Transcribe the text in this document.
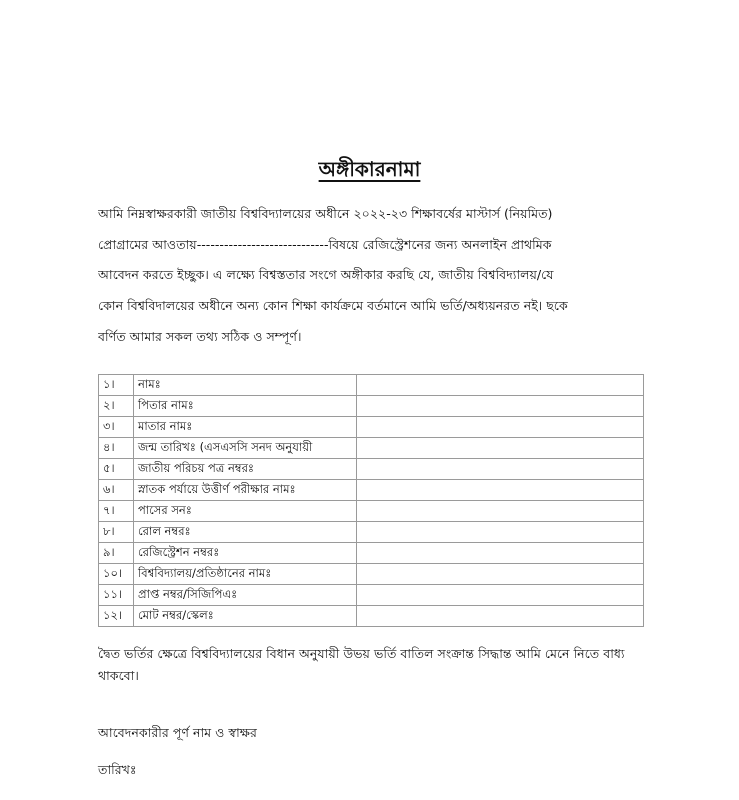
অঙ্গীকারনামা

আমি নিম্নস্বাক্ষরকারী জাতীয় বিশ্ববিদ্যালয়ের অধীনে ২০২২-২৩ শিক্ষাবর্ষের মাস্টার্স (নিয়মিত)

প্রোগ্রামের আওতায়-----------------------------বিষয়ে রেজিস্ট্রেশনের জন্য অনলাইন প্রাথমিক

আবেদন করতে ইচ্ছুক। এ লক্ষ্যে বিশ্বস্ততার সংগে অঙ্গীকার করছি যে, জাতীয় বিশ্ববিদ্যালয়/যে

কোন বিশ্ববিদালয়ের অধীনে অন্য কোন শিক্ষা কার্যক্রমে বর্তমানে আমি ভর্তি/অধ্যয়নরত নই। ছকে

বর্ণিত আমার সকল তথ্য সঠিক ও সম্পূর্ণ।

১।	নামঃ	
২।	পিতার নামঃ	
৩।	মাতার নামঃ	
৪।	জন্ম তারিখঃ (এসএসসি সনদ অনুযায়ী	
৫।	জাতীয় পরিচয় পত্র নম্বরঃ	
৬।	স্নাতক পর্যায়ে উত্তীর্ণ পরীক্ষার নামঃ	
৭।	পাসের সনঃ	
৮।	রোল নম্বরঃ	
৯।	রেজিস্ট্রেশন নম্বরঃ	
১০।	বিশ্ববিদ্যালয়/প্রতিষ্ঠানের নামঃ	
১১।	প্রাপ্ত নম্বর/সিজিপিএঃ	
১২।	মোট নম্বর/স্কেলঃ	

দ্বৈত ভর্তির ক্ষেত্রে বিশ্ববিদ্যালয়ের বিধান অনুযায়ী উভয় ভর্তি বাতিল সংক্রান্ত সিদ্ধান্ত আমি মেনে নিতে বাধ্য

থাকবো।

আবেদনকারীর পূর্ণ নাম ও স্বাক্ষর

তারিখঃ
